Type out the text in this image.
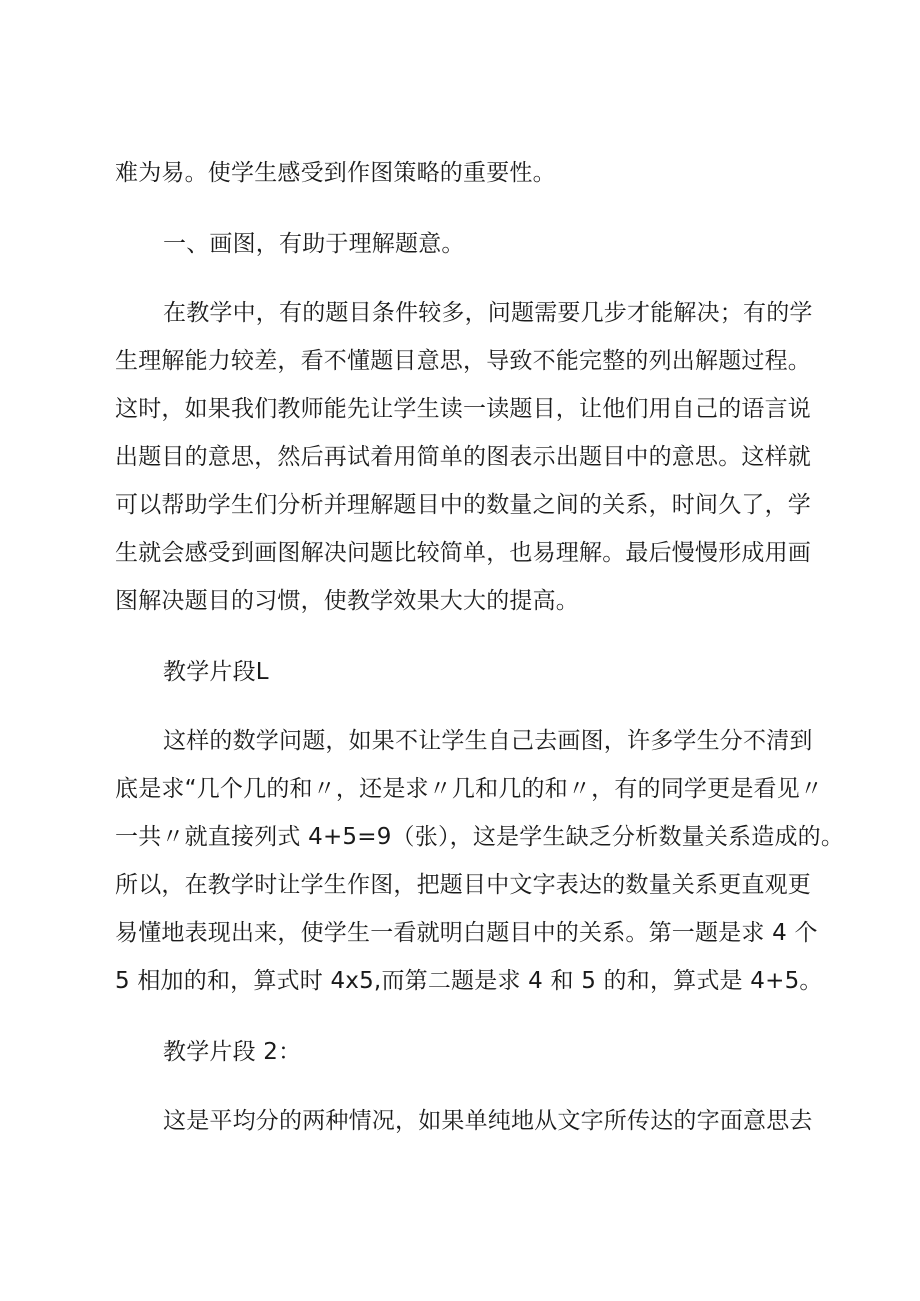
难为易。使学生感受到作图策略的重要性。
一、画图，有助于理解题意。
在教学中，有的题目条件较多，问题需要几步才能解决；有的学
生理解能力较差，看不懂题目意思，导致不能完整的列出解题过程。
这时，如果我们教师能先让学生读一读题目，让他们用自己的语言说
出题目的意思，然后再试着用简单的图表示出题目中的意思。这样就
可以帮助学生们分析并理解题目中的数量之间的关系，时间久了，学
生就会感受到画图解决问题比较简单，也易理解。最后慢慢形成用画
图解决题目的习惯，使教学效果大大的提高。
教学片段L
这样的数学问题，如果不让学生自己去画图，许多学生分不清到
底是求“几个几的和〃，还是求〃几和几的和〃，有的同学更是看见〃
一共〃就直接列式 4+5=9（张），这是学生缺乏分析数量关系造成的。
所以，在教学时让学生作图，把题目中文字表达的数量关系更直观更
易懂地表现出来，使学生一看就明白题目中的关系。第一题是求 4 个
5 相加的和，算式时 4x5,而第二题是求 4 和 5 的和，算式是 4+5。
教学片段 2：
这是平均分的两种情况，如果单纯地从文字所传达的字面意思去
